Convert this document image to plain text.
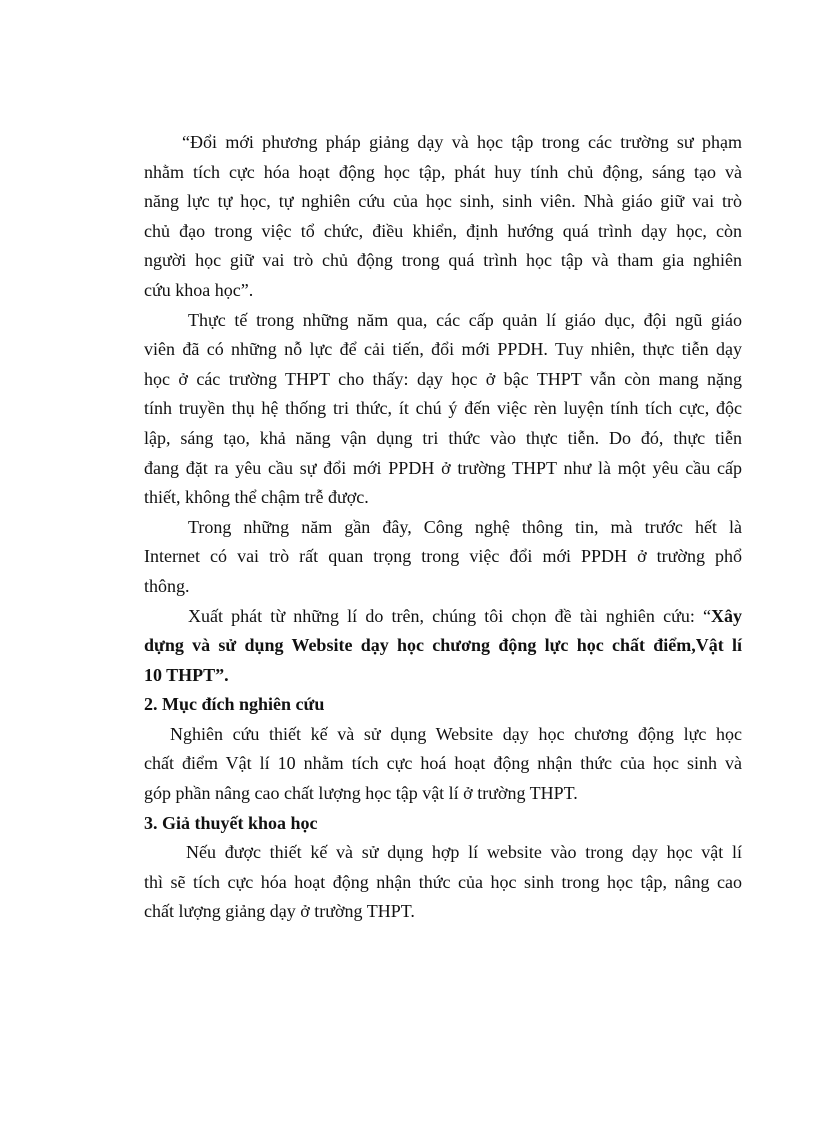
“Đổi mới phương pháp giảng dạy và học tập trong các trường sư phạm
nhằm tích cực hóa hoạt động học tập, phát huy tính chủ động, sáng tạo và
năng lực tự học, tự nghiên cứu của học sinh, sinh viên. Nhà giáo giữ vai trò
chủ đạo trong việc tổ chức, điều khiển, định hướng quá trình dạy học, còn
người học giữ vai trò chủ động trong quá trình học tập và tham gia nghiên
cứu khoa học”.
Thực tế trong những năm qua, các cấp quản lí giáo dục, đội ngũ giáo
viên đã có những nỗ lực để cải tiến, đổi mới PPDH. Tuy nhiên, thực tiễn dạy
học ở các trường THPT cho thấy: dạy học ở bậc THPT vẫn còn mang nặng
tính truyền thụ hệ thống tri thức, ít chú ý đến việc rèn luyện tính tích cực, độc
lập, sáng tạo, khả năng vận dụng tri thức vào thực tiễn. Do đó, thực tiễn
đang đặt ra yêu cầu sự đổi mới PPDH ở trường THPT như là một yêu cầu cấp
thiết, không thể chậm trễ được.
Trong những năm gần đây, Công nghệ thông tin, mà trước hết là
Internet có vai trò rất quan trọng trong việc đổi mới PPDH ở trường phổ
thông.
Xuất phát từ những lí do trên, chúng tôi chọn đề tài nghiên cứu: “Xây
dựng và sử dụng Website dạy học chương động lực học chất điểm,Vật lí
10 THPT”.
2. Mục đích nghiên cứu
Nghiên cứu thiết kế và sử dụng Website dạy học chương động lực học
chất điểm Vật lí 10 nhằm tích cực hoá hoạt động nhận thức của học sinh và
góp phần nâng cao chất lượng học tập vật lí ở trường THPT.
3. Giả thuyết khoa học
Nếu được thiết kế và sử dụng hợp lí website vào trong dạy học vật lí
thì sẽ tích cực hóa hoạt động nhận thức của học sinh trong học tập, nâng cao
chất lượng giảng dạy ở trường THPT.
